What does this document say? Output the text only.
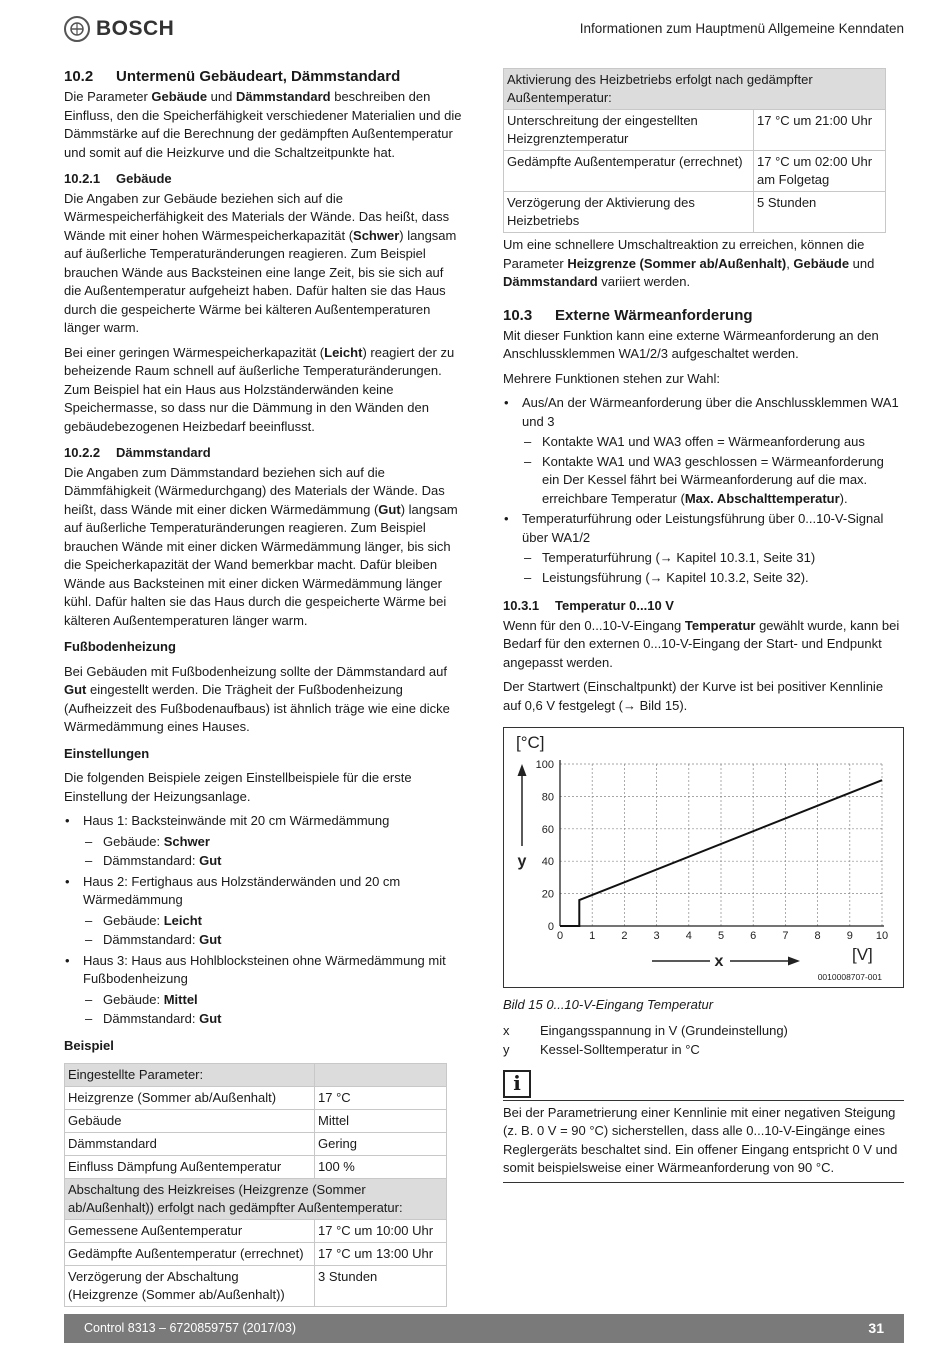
BOSCH	Informationen zum Hauptmenü Allgemeine Kenndaten
10.2 Untermenü Gebäudeart, Dämmstandard

Die Parameter Gebäude und Dämmstandard beschreiben den Einfluss, den die Speicherfähigkeit verschiedener Materialien und die Dämmstärke auf die Berechnung der gedämpften Außentemperatur und somit auf die Heizkurve und die Schaltzeitpunkte hat.

10.2.1 Gebäude

Die Angaben zur Gebäude beziehen sich auf die Wärmespeicherfähigkeit des Materials der Wände. Das heißt, dass Wände mit einer hohen Wärmespeicherkapazität (Schwer) langsam auf äußerliche Temperaturänderungen reagieren. Zum Beispiel brauchen Wände aus Backsteinen eine lange Zeit, bis sie sich auf die Außentemperatur aufgeheizt haben. Dafür halten sie das Haus durch die gespeicherte Wärme bei kälteren Außentemperaturen länger warm.

Bei einer geringen Wärmespeicherkapazität (Leicht) reagiert der zu beheizende Raum schnell auf äußerliche Temperaturänderungen. Zum Beispiel hat ein Haus aus Holzständerwänden keine Speichermasse, so dass nur die Dämmung in den Wänden den gebäudebezogenen Heizbedarf beeinflusst.

10.2.2 Dämmstandard

Die Angaben zum Dämmstandard beziehen sich auf die Dämmfähigkeit (Wärmedurchgang) des Materials der Wände. Das heißt, dass Wände mit einer dicken Wärmedämmung (Gut) langsam auf äußerliche Temperaturänderungen reagieren. Zum Beispiel brauchen Wände mit einer dicken Wärmedämmung länger, bis sich die Speicherkapazität der Wand bemerkbar macht. Dafür bleiben Wände aus Backsteinen mit einer dicken Wärmedämmung länger kühl. Dafür halten sie das Haus durch die gespeicherte Wärme bei kälteren Außentemperaturen länger warm.

Fußbodenheizung

Bei Gebäuden mit Fußbodenheizung sollte der Dämmstandard auf Gut eingestellt werden. Die Trägheit der Fußbodenheizung (Aufheizzeit des Fußbodenaufbaus) ist ähnlich träge wie eine dicke Wärmedämmung eines Hauses.

Einstellungen

Die folgenden Beispiele zeigen Einstellbeispiele für die erste Einstellung der Heizungsanlage.

• Haus 1: Backsteinwände mit 20 cm Wärmedämmung
– Gebäude: Schwer
– Dämmstandard: Gut
• Haus 2: Fertighaus aus Holzständerwänden und 20 cm Wärmedämmung
– Gebäude: Leicht
– Dämmstandard: Gut
• Haus 3: Haus aus Hohlblocksteinen ohne Wärmedämmung mit Fußbodenheizung
– Gebäude: Mittel
– Dämmstandard: Gut
Beispiel
Eingestellte Parameter:	
Heizgrenze (Sommer ab/Außenhalt)	17 °C
Gebäude	Mittel
Dämmstandard	Gering
Einfluss Dämpfung Außentemperatur	100 %
Abschaltung des Heizkreises (Heizgrenze (Sommer ab/Außenhalt)) erfolgt nach gedämpfter Außentemperatur:	
Gemessene Außentemperatur	17 °C um 10:00 Uhr
Gedämpfte Außentemperatur (errechnet)	17 °C um 13:00 Uhr
Verzögerung der Abschaltung (Heizgrenze (Sommer ab/Außenhalt))	3 Stunden
Aktivierung des Heizbetriebs erfolgt nach gedämpfter Außentemperatur:	
Unterschreitung der eingestellten Heizgrenztemperatur	17 °C um 21:00 Uhr
Gedämpfte Außentemperatur (errechnet)	17 °C um 02:00 Uhr am Folgetag
Verzögerung der Aktivierung des Heizbetriebs	5 Stunden

Um eine schnellere Umschaltreaktion zu erreichen, können die Parameter Heizgrenze (Sommer ab/Außenhalt), Gebäude und Dämmstandard variiert werden.

10.3 Externe Wärmeanforderung

Mit dieser Funktion kann eine externe Wärmeanforderung an den Anschlussklemmen WA1/2/3 aufgeschaltet werden.

Mehrere Funktionen stehen zur Wahl:

• Aus/An der Wärmeanforderung über die Anschlussklemmen WA1 und 3
– Kontakte WA1 und WA3 offen = Wärmeanforderung aus
– Kontakte WA1 und WA3 geschlossen = Wärmeanforderung ein Der Kessel fährt bei Wärmeanforderung auf die max. erreichbare Temperatur (Max. Abschalttemperatur).
• Temperaturführung oder Leistungsführung über 0...10-V-Signal über WA1/2
– Temperaturführung (→ Kapitel 10.3.1, Seite 31)
– Leistungsführung (→ Kapitel 10.3.2, Seite 32).
10.3.1 Temperatur 0...10 V

Wenn für den 0...10-V-Eingang Temperatur gewählt wurde, kann bei Bedarf für den externen 0...10-V-Eingang der Start- und Endpunkt angepasst werden.

Der Startwert (Einschaltpunkt) der Kurve ist bei positiver Kennlinie auf 0,6 V festgelegt (→ Bild 15).

0 1 2 3 4 5 6 7 8 9 10
0
20
40
60
80
100
[°C]
[V]
y
x
0010008707-001
Bild 15 0...10-V-Eingang Temperatur
x	Eingangsspannung in V (Grundeinstellung)
y	Kessel-Solltemperatur in °C
i

Bei der Parametrierung einer Kennlinie mit einer negativen Steigung (z. B. 0 V = 90 °C) sicherstellen, dass alle 0...10-V-Eingänge eines Reglergeräts beschaltet sind. Ein offener Eingang entspricht 0 V und somit beispielsweise einer Wärmeanforderung von 90 °C.

Control 8313 – 6720859757 (2017/03)	31
